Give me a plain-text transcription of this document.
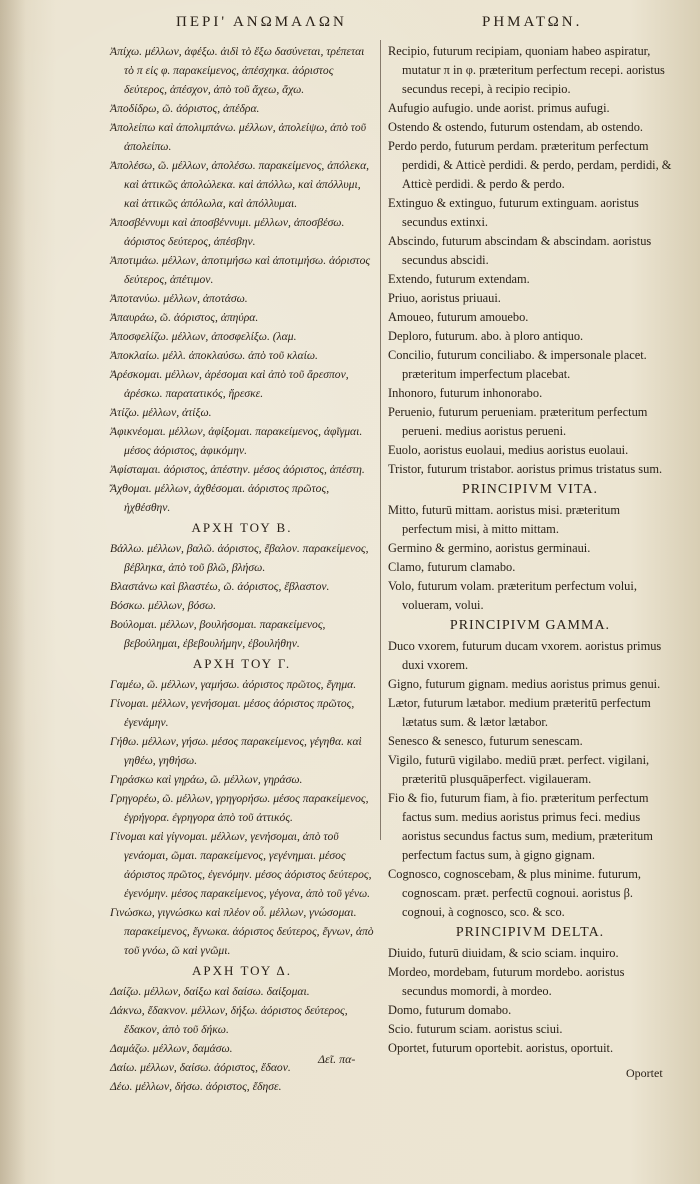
ΠΕΡΙ' ΑΝΩΜΑΛΩΝ	ΡΗΜΑΤΩΝ.
Ἀπίχω. μέλλων, ἀφέξω. ἀιδὶ τὸ ἕξω δασύνεται, τρέπεται τὸ π εἰς φ. παρακείμενος, ἀπέσχηκα. ἀόριστος δεύτερος, ἀπέσχον, ἀπὸ τοῦ ἄχεω, ἄχω.
Ἀποδίδρω, ῶ. ἀόριστος, ἀπέδρα.
Ἀπολείπω καὶ ἀπολιμπάνω. μέλλων, ἀπολείψω, ἀπὸ τοῦ ἀπολείπω.
Ἀπολέσω, ῶ. μέλλων, ἀπολέσω. παρακείμενος, ἀπόλεκα, καὶ ἀττικῶς ἀπολώλεκα. καὶ ἀπόλλω, καὶ ἀπόλλυμι, καὶ ἀττικῶς ἀπόλωλα, καὶ ἀπόλλυμαι.
Ἀποσβέννυμι καὶ ἀποσβέννυμι. μέλλων, ἀποσβέσω. ἀόριστος δεύτερος, ἀπέσβην.
Ἀποτιμάω. μέλλων, ἀποτιμήσω καὶ ἀποτιμήσω. ἀόριστος δεύτερος, ἀπέτιμον.
Ἀποτανύω. μέλλων, ἀποτάσω.
Ἀπαυράω, ῶ. ἀόριστος, ἀπηύρα.
Ἀποσφελίζω. μέλλων, ἀποσφελίξω. (λαμ.
Ἀποκλαίω. μέλλ. ἀποκλαύσω. ἀπὸ τοῦ κλαίω.
Ἀρέσκομαι. μέλλων, ἀρέσομαι καὶ ἀπὸ τοῦ ἄρεσπον, ἀρέσκω. παρατατικός, ἤρεσκε.
Ἀτίζω. μέλλων, ἀτίξω.
Ἀφικνέομαι. μέλλων, ἀφίξομαι. παρακείμενος, ἀφῖγμαι. μέσος ἀόριστος, ἀφικόμην.
Ἀφίσταμαι. ἀόριστος, ἀπέστην. μέσος ἀόριστος, ἀπέστη.
Ἄχθομαι. μέλλων, ἀχθέσομαι. ἀόριστος πρῶτος, ἠχθέσθην.
ΑΡΧΗ ΤΟΥ Β.
Βάλλω. μέλλων, βαλῶ. ἀόριστος, ἔβαλον. παρακείμενος, βέβληκα, ἀπὸ τοῦ βλῶ, βλήσω.
Βλαστάνω καὶ βλαστέω, ῶ. ἀόριστος, ἔβλαστον.
Βόσκω. μέλλων, βόσω.
Βούλομαι. μέλλων, βουλήσομαι. παρακείμενος, βεβούλημαι, ἐβεβουλήμην, ἐβουλήθην.
ΑΡΧΗ ΤΟΥ Γ.
Γαμέω, ῶ. μέλλων, γαμήσω. ἀόριστος πρῶτος, ἔγημα.
Γίνομαι. μέλλων, γενήσομαι. μέσος ἀόριστος πρῶτος, ἐγενάμην.
Γήθω. μέλλων, γήσω. μέσος παρακείμενος, γέγηθα. καὶ γηθέω, γηθήσω.
Γηράσκω καὶ γηράω, ῶ. μέλλων, γηράσω.
Γρηγορέω, ῶ. μέλλων, γρηγορήσω. μέσος παρακείμενος, ἐγρήγορα. ἐγρηγορα ἀπὸ τοῦ ἀττικός.
Γίνομαι καὶ γίγνομαι. μέλλων, γενήσομαι, ἀπὸ τοῦ γενάομαι, ῶμαι. παρακείμενος, γεγένημαι. μέσος ἀόριστος πρῶτος, ἐγενόμην. μέσος ἀόριστος δεύτερος, ἐγενόμην. μέσος παρακείμενος, γέγονα, ἀπὸ τοῦ γένω.
Γινώσκω, γιγνώσκω καὶ πλέον οὖ. μέλλων, γνώσομαι. παρακείμενος, ἔγνωκα. ἀόριστος δεύτερος, ἔγνων, ἀπὸ τοῦ γνόω, ῶ καὶ γνῶμι.
ΑΡΧΗ ΤΟΥ Δ.
Δαίζω. μέλλων, δαίξω καὶ δαίσω. δαίξομαι.
Δάκνω, ἔδακνον. μέλλων, δήξω. ἀόριστος δεύτερος, ἔδακον, ἀπὸ τοῦ δήκω.
Δαμάζω. μέλλων, δαμάσω.
Δαίω. μέλλων, δαίσω. ἀόριστος, ἔδαον.
Δέω. μέλλων, δήσω. ἀόριστος, ἔδησε.
Recipio, futurum recipiam, quoniam habeo aspiratur, mutatur π in φ. præteritum perfectum recepi. aoristus secundus recepi, à recipio recipio.
Aufugio aufugio. unde aorist. primus aufugi.
Ostendo & ostendo, futurum ostendam, ab ostendo.
Perdo perdo, futurum perdam. præteritum perfectum perdidi, & Atticè perdidi. & perdo, perdam, perdidi, & Atticè perdidi. & perdo & perdo.
Extinguo & extinguo, futurum extinguam. aoristus secundus extinxi.
Abscindo, futurum abscindam & abscindam. aoristus secundus abscidi.
Extendo, futurum extendam.
Priuo, aoristus priuaui.
Amoueo, futurum amouebo.
Deploro, futurum. abo. à ploro antiquo.
Concilio, futurum conciliabo. & impersonale placet. præteritum imperfectum placebat.
Inhonoro, futurum inhonorabo.
Peruenio, futurum perueniam. præteritum perfectum perueni. medius aoristus perueni.
Euolo, aoristus euolaui, medius aoristus euolaui.
Tristor, futurum tristabor. aoristus primus tristatus sum.
PRINCIPIVM VITA.
Mitto, futurū mittam. aoristus misi. præteritum perfectum misi, à mitto mittam.
Germino & germino, aoristus germinaui.
Clamo, futurum clamabo.
Volo, futurum volam. præteritum perfectum volui, volueram, volui.
PRINCIPIVM GAMMA.
Duco vxorem, futurum ducam vxorem. aoristus primus duxi vxorem.
Gigno, futurum gignam. medius aoristus primus genui.
Lætor, futurum lætabor. medium præteritū perfectum lætatus sum. & lætor lætabor.
Senesco & senesco, futurum senescam.
Vigilo, futurū vigilabo. mediū præt. perfect. vigilani, præteritū plusquāperfect. vigilaueram.
Fio & fio, futurum fiam, à fio. præteritum perfectum factus sum. medius aoristus primus feci. medius aoristus secundus factus sum, medium, præteritum perfectum factus sum, à gigno gignam.
Cognosco, cognoscebam, & plus minime. futurum, cognoscam. præt. perfectū cognoui. aoristus β. cognoui, à cognosco, sco. & sco.
PRINCIPIVM DELTA.
Diuido, futurū diuidam, & scio sciam. inquiro.
Mordeo, mordebam, futurum mordebo. aoristus secundus momordi, à mordeo.
Domo, futurum domabo.
Scio. futurum sciam. aoristus sciui.
Oportet, futurum oportebit. aoristus, oportuit.
Δεῖ. πα-
Oportet
